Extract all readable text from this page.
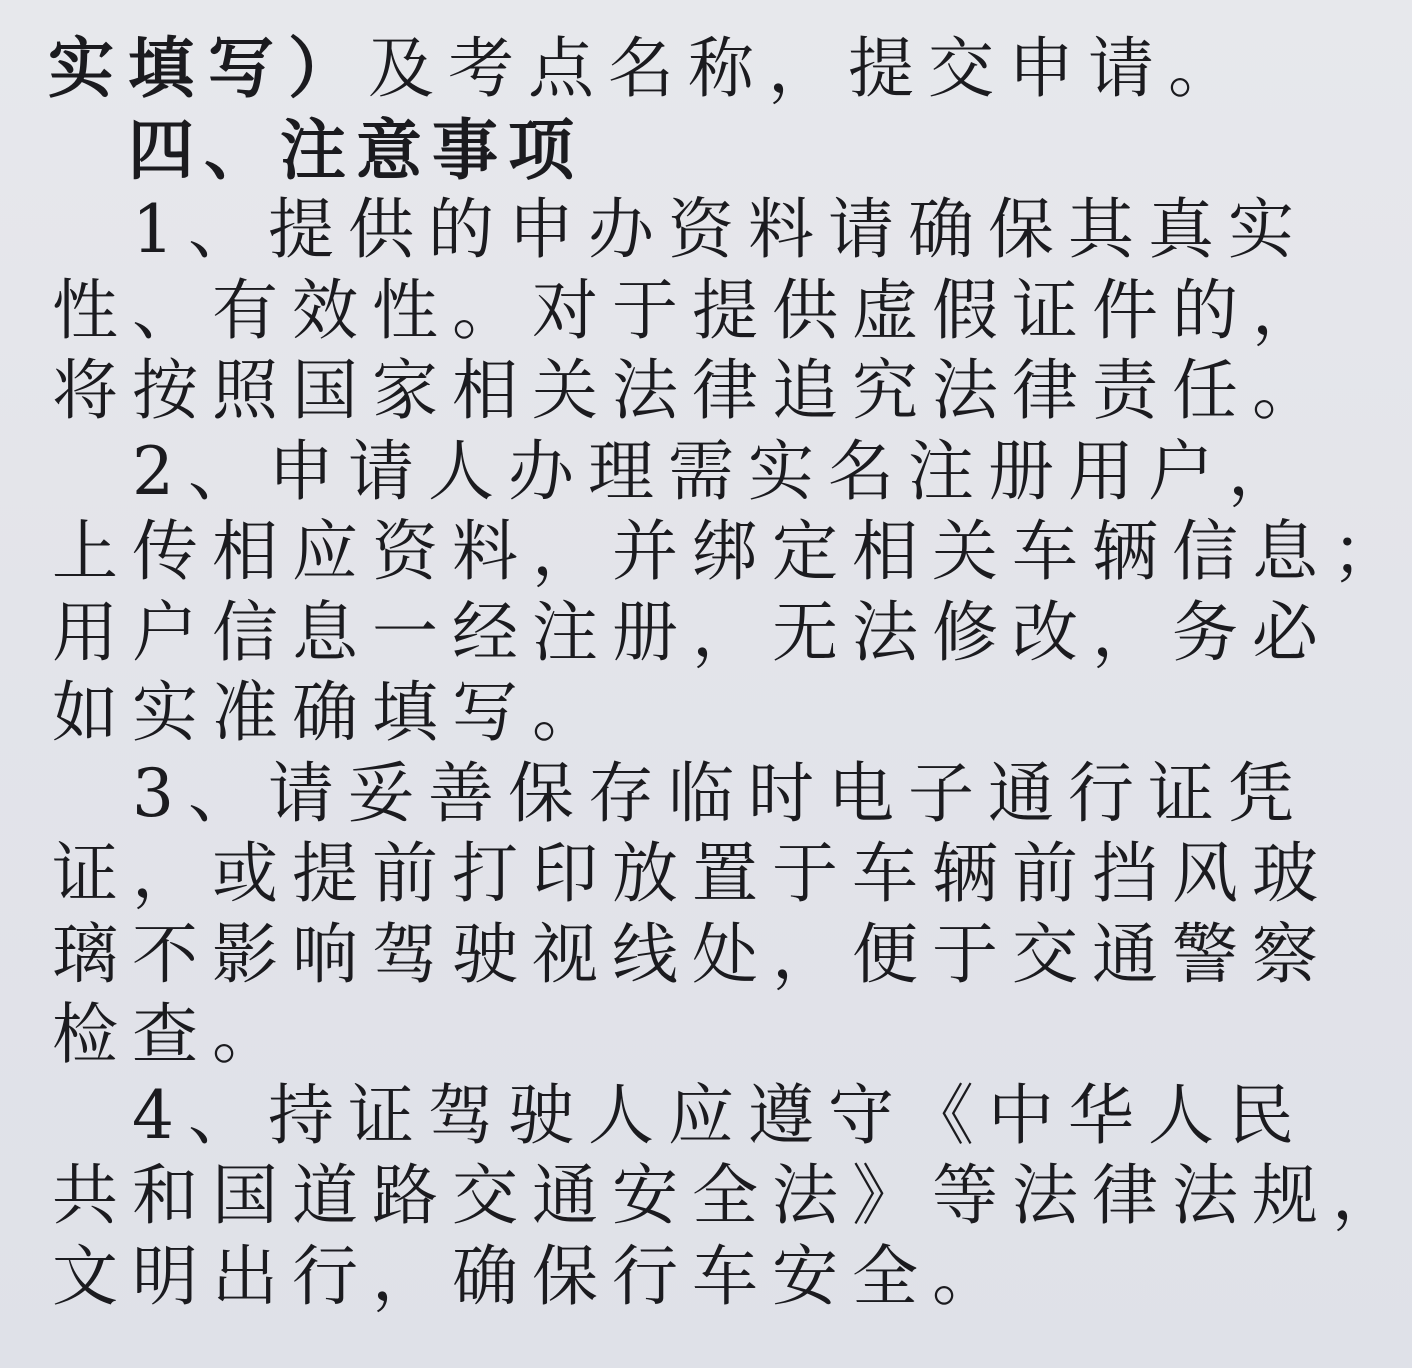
实填写）及考点名称，提交申请。
四、注意事项
1、提供的申办资料请确保其真实
性、有效性。对于提供虚假证件的，
将按照国家相关法律追究法律责任。
2、申请人办理需实名注册用户，
上传相应资料，并绑定相关车辆信息；
用户信息一经注册，无法修改，务必
如实准确填写。
3、请妥善保存临时电子通行证凭
证，或提前打印放置于车辆前挡风玻
璃不影响驾驶视线处，便于交通警察
检查。
4、持证驾驶人应遵守《中华人民
共和国道路交通安全法》等法律法规，
文明出行，确保行车安全。
